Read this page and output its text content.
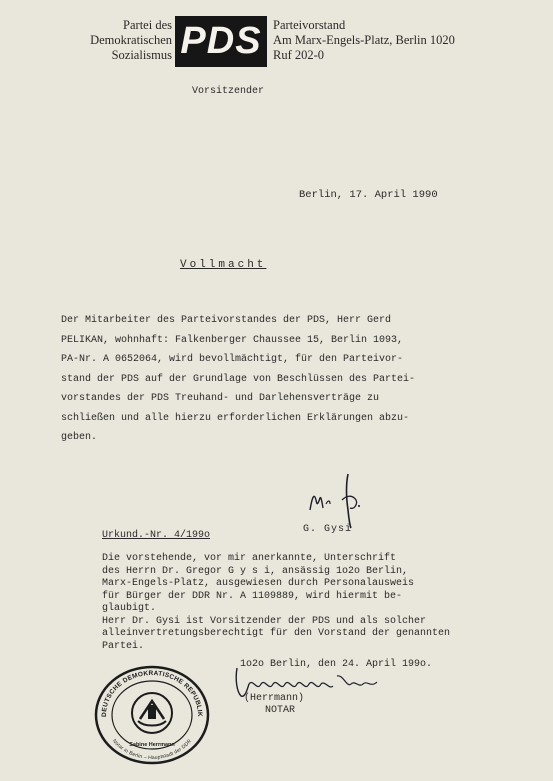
Partei des
Demokratischen
Sozialismus PDS Parteivorstand
Am Marx-Engels-Platz, Berlin 1020
Ruf 202-0
Vorsitzender
Berlin, 17. April 1990
Vollmacht

Der Mitarbeiter des Parteivorstandes der PDS, Herr Gerd

PELIKAN, wohnhaft: Falkenberger Chaussee 15, Berlin 1093,

PA-Nr. A 0652064, wird bevollmächtigt, für den Parteivor-

stand der PDS auf der Grundlage von Beschlüssen des Partei-

vorstandes der PDS Treuhand- und Darlehensverträge zu

schließen und alle hierzu erforderlichen Erklärungen abzu-

geben.

G. Gysi
Urkund.-Nr. 4/199o

Die vorstehende, vor mir anerkannte, Unterschrift

des Herrn Dr. Gregor G y s i, ansässig 1o2o Berlin,

Marx-Engels-Platz, ausgewiesen durch Personalausweis

für Bürger der DDR Nr. A 1109889, wird hiermit be-

glaubigt.

Herr Dr. Gysi ist Vorsitzender der PDS und als solcher

alleinvertretungsberechtigt für den Vorstand der genannten

Partei.

1o2o Berlin, den 24. April 199o.
(Herrmann)
NOTAR
DEUTSCHE DEMOKRATISCHE REPUBLIK
Notar in Berlin – Hauptstadt der DDR
Sabine Herrmann
